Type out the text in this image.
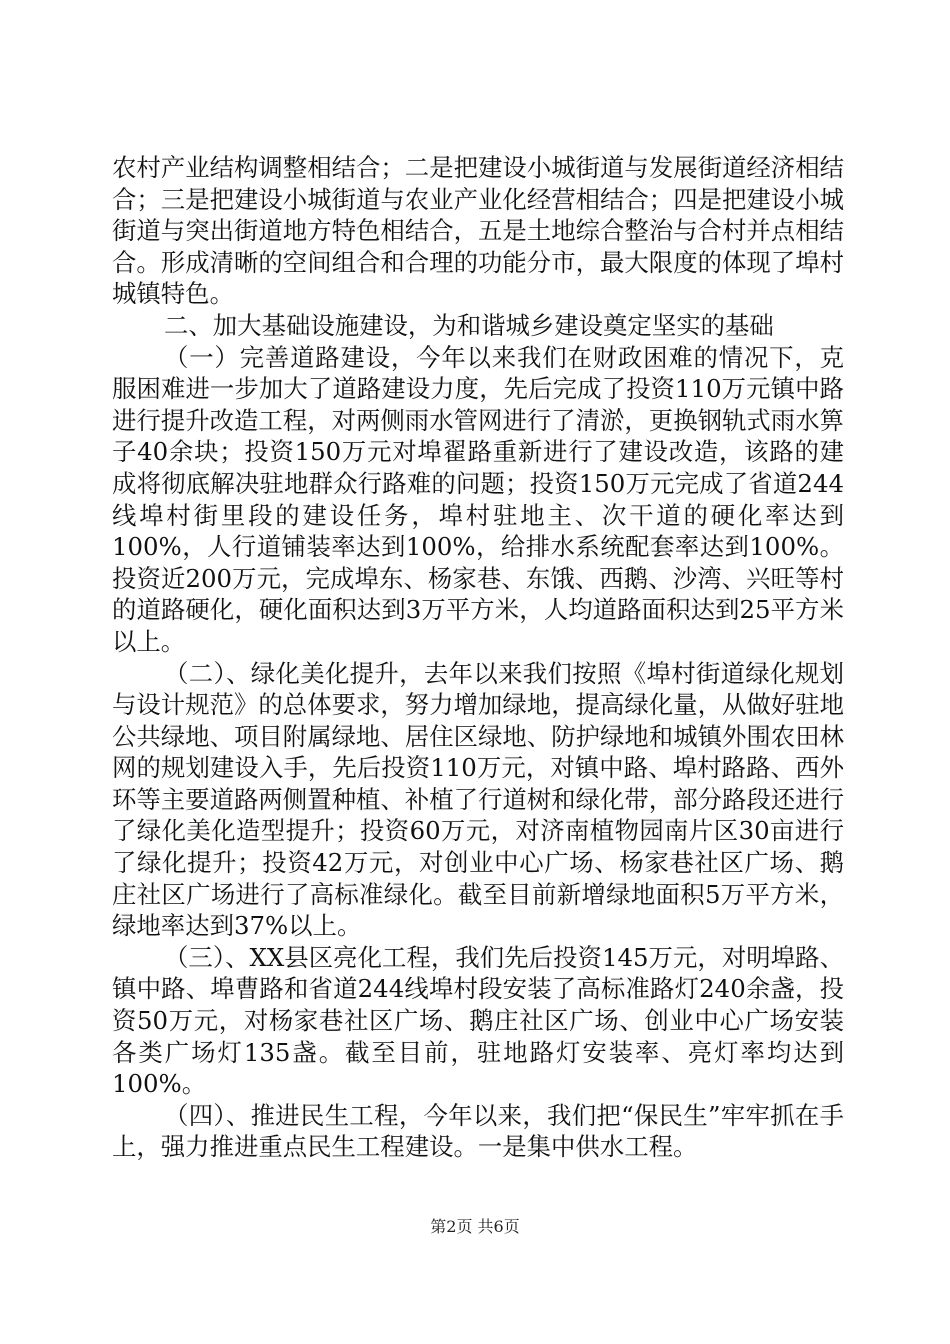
农村产业结构调整相结合；二是把建设小城街道与发展街道经济相结合；三是把建设小城街道与农业产业化经营相结合；四是把建设小城街道与突出街道地方特色相结合，五是土地综合整治与合村并点相结合。形成清晰的空间组合和合理的功能分市，最大限度的体现了埠村城镇特色。

二、加大基础设施建设，为和谐城乡建设奠定坚实的基础

（一）完善道路建设，今年以来我们在财政困难的情况下，克服困难进一步加大了道路建设力度，先后完成了投资110万元镇中路进行提升改造工程，对两侧雨水管网进行了清淤，更换钢轨式雨水箅子40余块；投资150万元对埠翟路重新进行了建设改造，该路的建成将彻底解决驻地群众行路难的问题；投资150万元完成了省道244线埠村街里段的建设任务，埠村驻地主、次干道的硬化率达到100%，人行道铺装率达到100%，给排水系统配套率达到100%。投资近200万元，完成埠东、杨家巷、东饿、西鹅、沙湾、兴旺等村的道路硬化，硬化面积达到3万平方米，人均道路面积达到25平方米以上。

（二）、绿化美化提升，去年以来我们按照《埠村街道绿化规划与设计规范》的总体要求，努力增加绿地，提高绿化量，从做好驻地公共绿地、项目附属绿地、居住区绿地、防护绿地和城镇外围农田林网的规划建设入手，先后投资110万元，对镇中路、埠村路路、西外环等主要道路两侧置种植、补植了行道树和绿化带，部分路段还进行了绿化美化造型提升；投资60万元，对济南植物园南片区30亩进行了绿化提升；投资42万元，对创业中心广场、杨家巷社区广场、鹅庄社区广场进行了高标准绿化。截至目前新增绿地面积5万平方米，绿地率达到37%以上。

（三）、XX县区亮化工程，我们先后投资145万元，对明埠路、镇中路、埠曹路和省道244线埠村段安装了高标准路灯240余盏，投资50万元，对杨家巷社区广场、鹅庄社区广场、创业中心广场安装各类广场灯135盏。截至目前，驻地路灯安装率、亮灯率均达到100%。

（四）、推进民生工程，今年以来，我们把“保民生”牢牢抓在手上，强力推进重点民生工程建设。一是集中供水工程。

第2页 共6页
